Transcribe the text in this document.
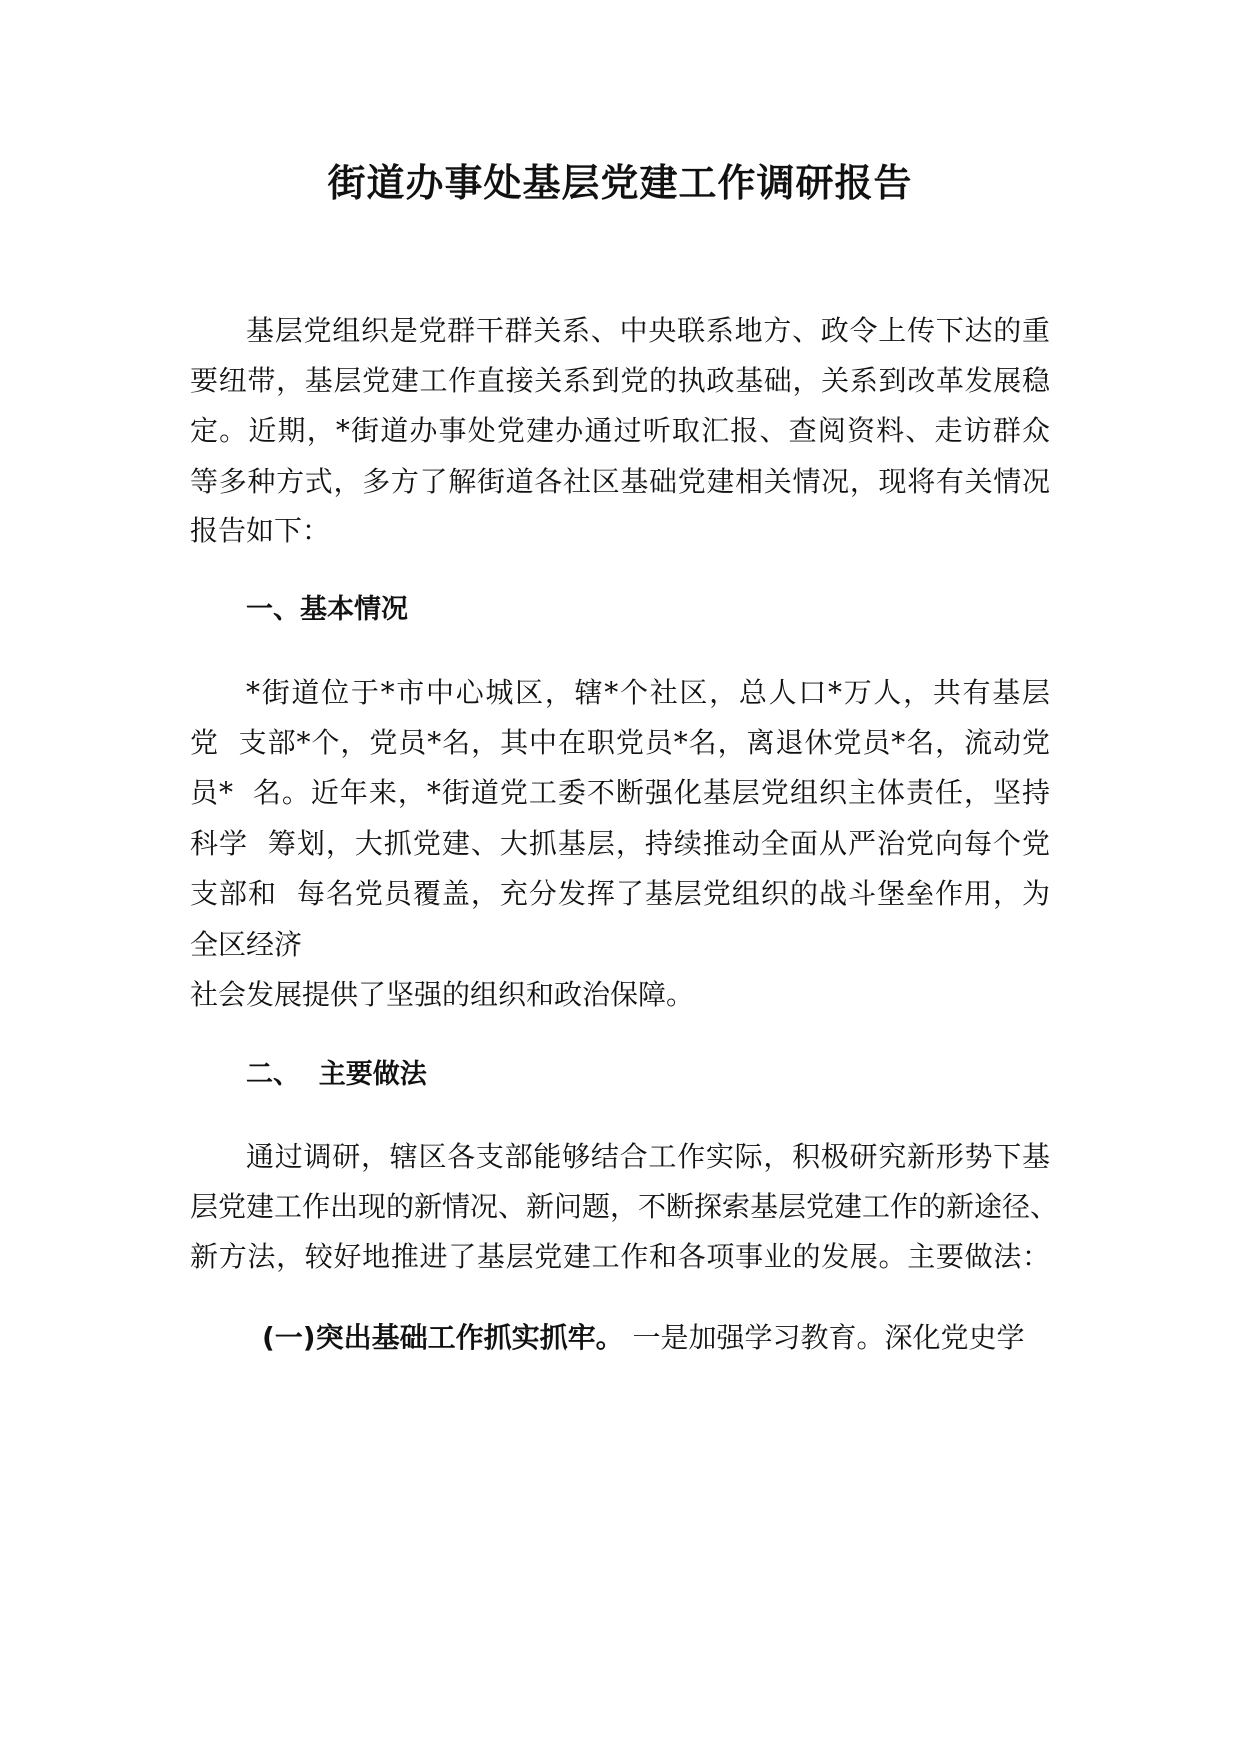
街道办事处基层党建工作调研报告

基层党组织是党群干群关系、中央联系地方、政令上传下达的重

要纽带，基层党建工作直接关系到党的执政基础，关系到改革发展稳

定。近期，*街道办事处党建办通过听取汇报、查阅资料、走访群众

等多种方式，多方了解街道各社区基础党建相关情况，现将有关情况

报告如下：

一、基本情况

*街道位于*市中心城区，辖*个社区，总人口*万人，共有基层

党  支部*个，党员*名，其中在职党员*名，离退休党员*名，流动党

员*  名。近年来，*街道党工委不断强化基层党组织主体责任，坚持

科学  筹划，大抓党建、大抓基层，持续推动全面从严治党向每个党

支部和  每名党员覆盖，充分发挥了基层党组织的战斗堡垒作用，为

全区经济

社会发展提供了坚强的组织和政治保障。

二、  主要做法

通过调研，辖区各支部能够结合工作实际，积极研究新形势下基

层党建工作出现的新情况、新问题，不断探索基层党建工作的新途径、

新方法，较好地推进了基层党建工作和各项事业的发展。主要做法：

(一)突出基础工作抓实抓牢。 一是加强学习教育。深化党史学
